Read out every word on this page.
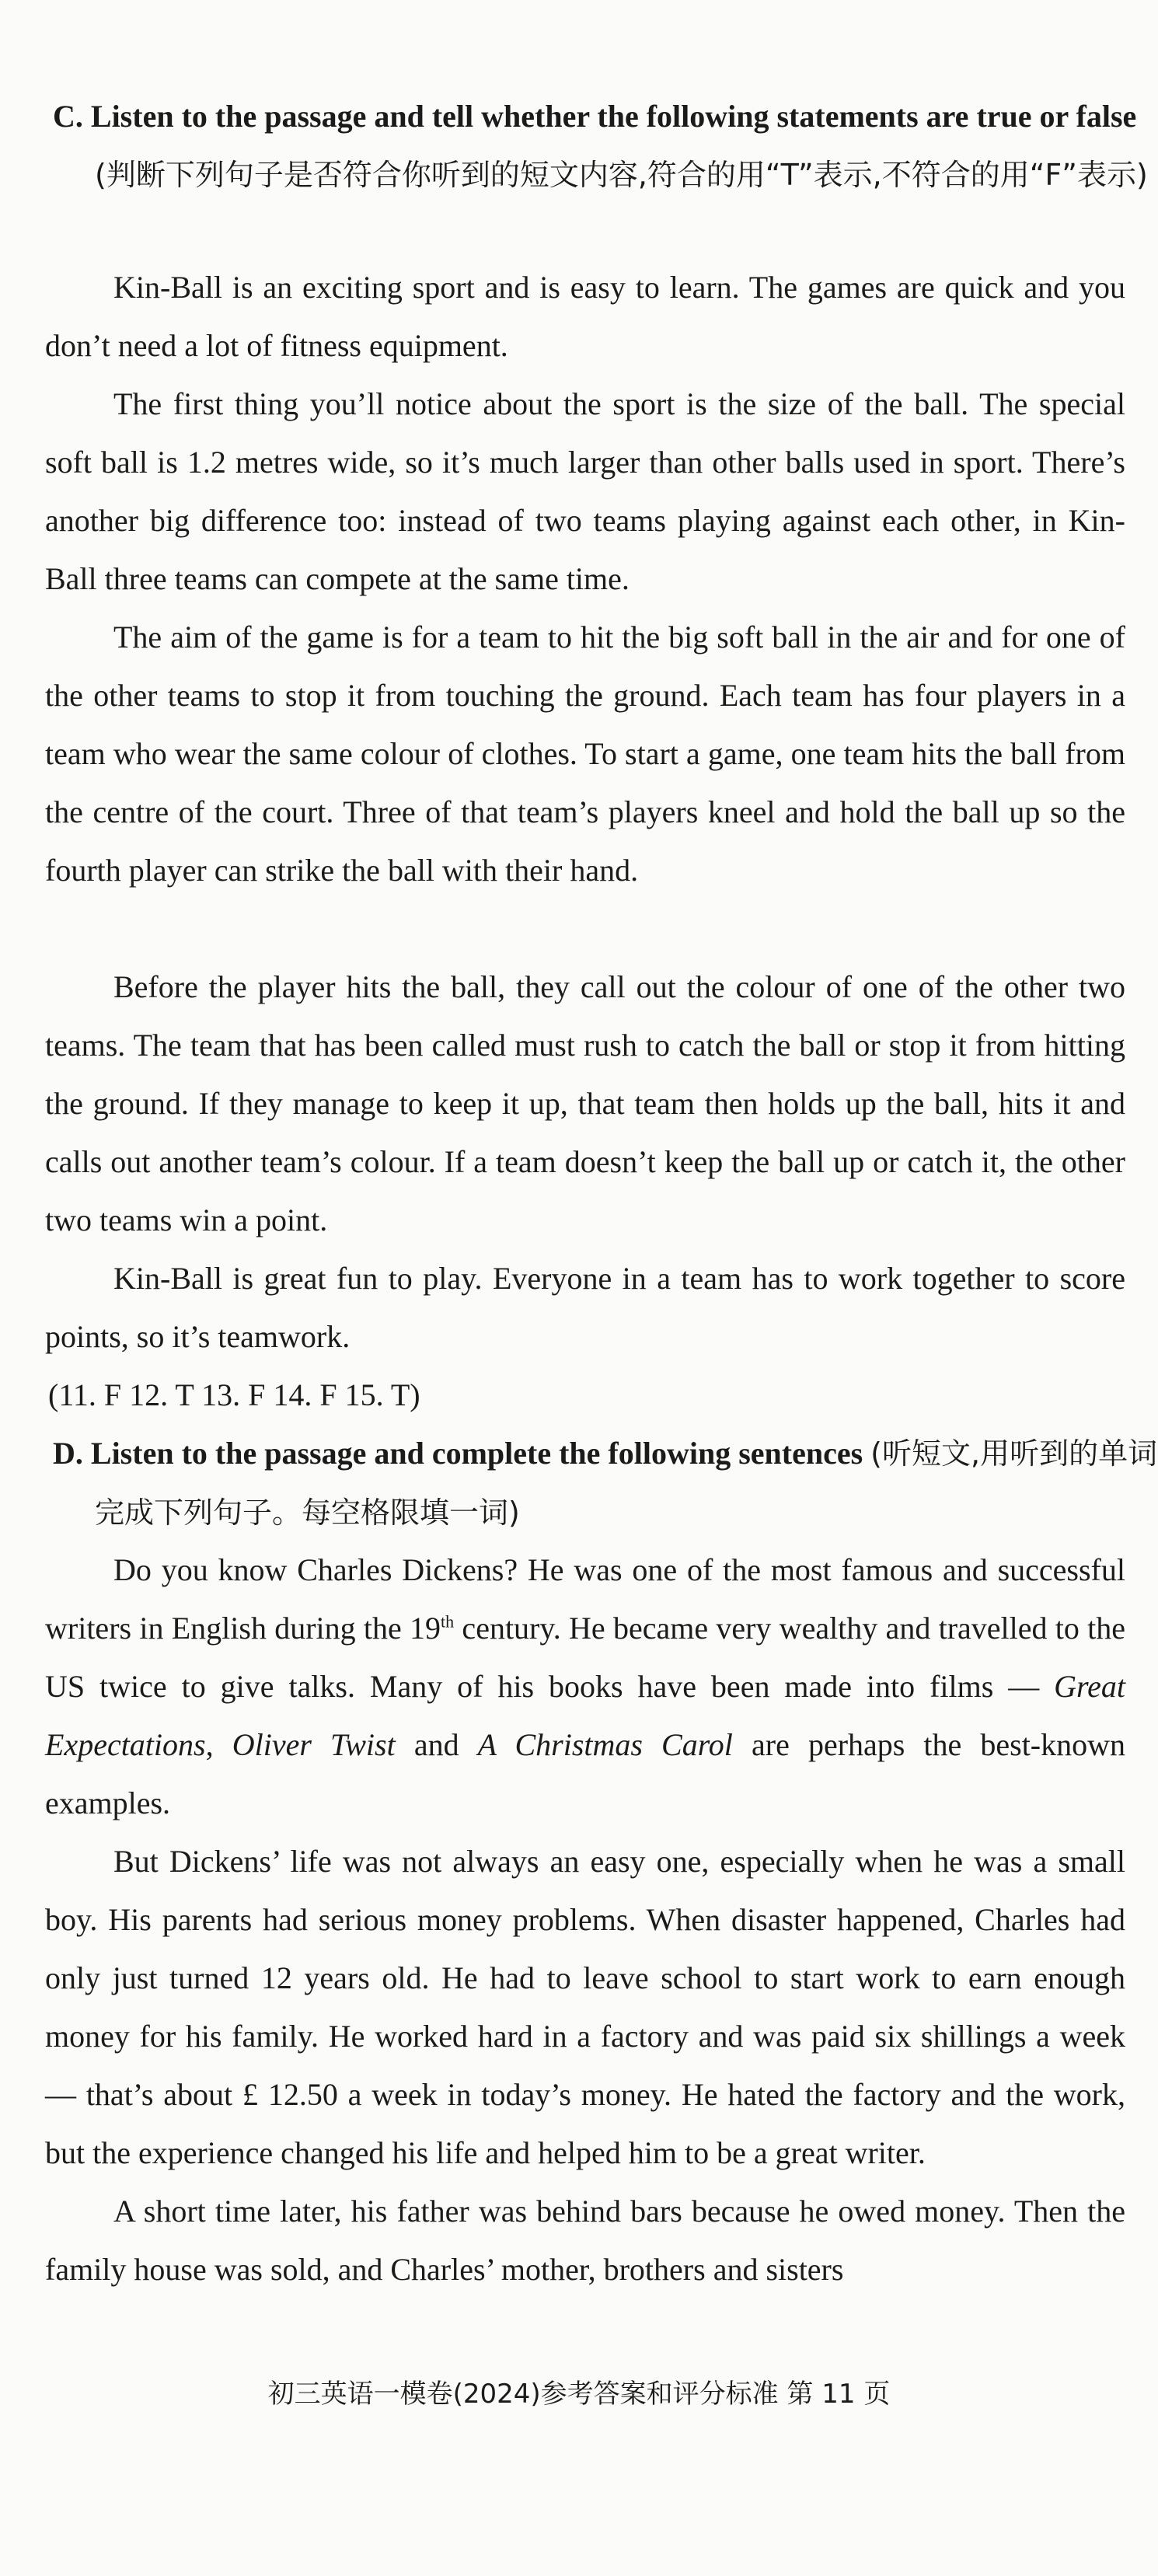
C. Listen to the passage and tell whether the following statements are true or false (判断下列句子是否符合你听到的短文内容,符合的用“T”表示,不符合的用“F”表示)
Kin-Ball is an exciting sport and is easy to learn. The games are quick and you don’t need a lot of fitness equipment.
The first thing you’ll notice about the sport is the size of the ball. The special soft ball is 1.2 metres wide, so it’s much larger than other balls used in sport. There’s another big difference too: instead of two teams playing against each other, in Kin-Ball three teams can compete at the same time.
The aim of the game is for a team to hit the big soft ball in the air and for one of the other teams to stop it from touching the ground. Each team has four players in a team who wear the same colour of clothes. To start a game, one team hits the ball from the centre of the court. Three of that team’s players kneel and hold the ball up so the fourth player can strike the ball with their hand.
Before the player hits the ball, they call out the colour of one of the other two teams. The team that has been called must rush to catch the ball or stop it from hitting the ground. If they manage to keep it up, that team then holds up the ball, hits it and calls out another team’s colour. If a team doesn’t keep the ball up or catch it, the other two teams win a point.
Kin-Ball is great fun to play. Everyone in a team has to work together to score points, so it’s teamwork.
(11. F 12. T 13. F 14. F 15. T)
D. Listen to the passage and complete the following sentences (听短文,用听到的单词完成下列句子。每空格限填一词)
Do you know Charles Dickens? He was one of the most famous and successful writers in English during the 19th century. He became very wealthy and travelled to the US twice to give talks. Many of his books have been made into films — Great Expectations, Oliver Twist and A Christmas Carol are perhaps the best-known examples.
But Dickens’ life was not always an easy one, especially when he was a small boy. His parents had serious money problems. When disaster happened, Charles had only just turned 12 years old. He had to leave school to start work to earn enough money for his family. He worked hard in a factory and was paid six shillings a week — that’s about £ 12.50 a week in today’s money. He hated the factory and the work, but the experience changed his life and helped him to be a great writer.
A short time later, his father was behind bars because he owed money. Then the family house was sold, and Charles’ mother, brothers and sisters
初三英语一模卷(2024)参考答案和评分标准 第 11 页
